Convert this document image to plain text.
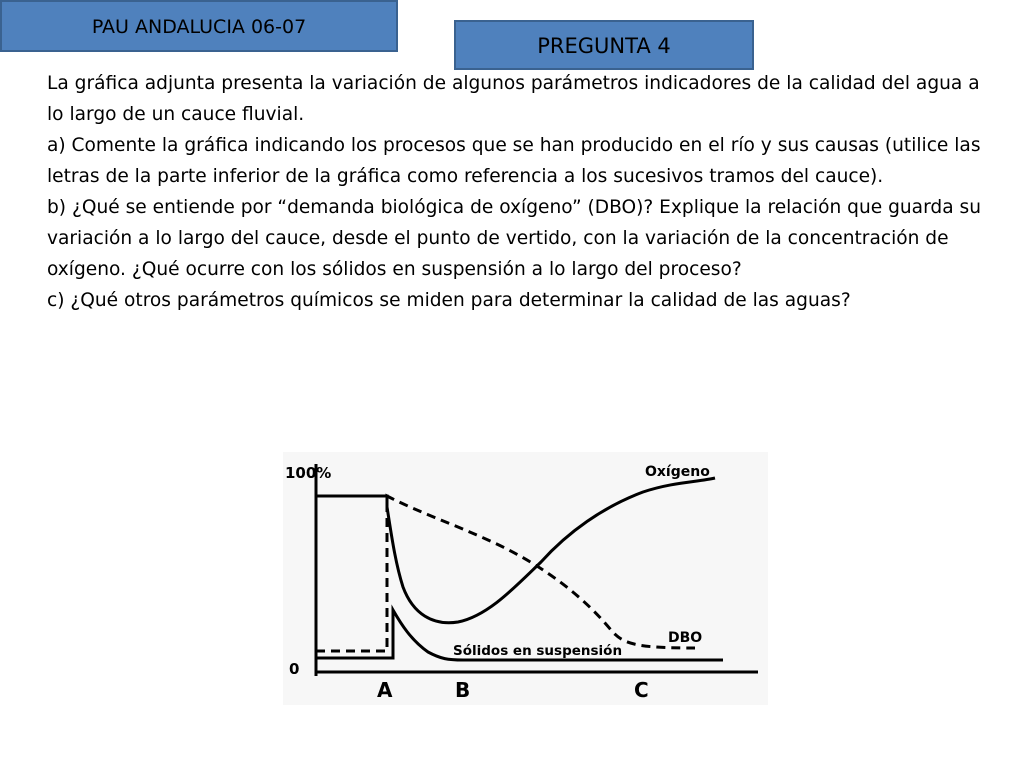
PAU ANDALUCIA 06-07
PREGUNTA 4

La gráfica adjunta presenta la variación de algunos parámetros indicadores de la calidad del agua a lo largo de un cauce fluvial.

a) Comente la gráfica indicando los procesos que se han producido en el río y sus causas (utilice las letras de la parte inferior de la gráfica como referencia a los sucesivos tramos del cauce).

b) ¿Qué se entiende por “demanda biológica de oxígeno” (DBO)? Explique la relación que guarda su variación a lo largo del cauce, desde el punto de vertido, con la variación de la concentración de oxígeno. ¿Qué ocurre con los sólidos en suspensión a lo largo del proceso?

c) ¿Qué otros parámetros químicos se miden para determinar la calidad de las aguas?

100%
0
A	B	C
Oxígeno
DBO
Sólidos en suspensión
